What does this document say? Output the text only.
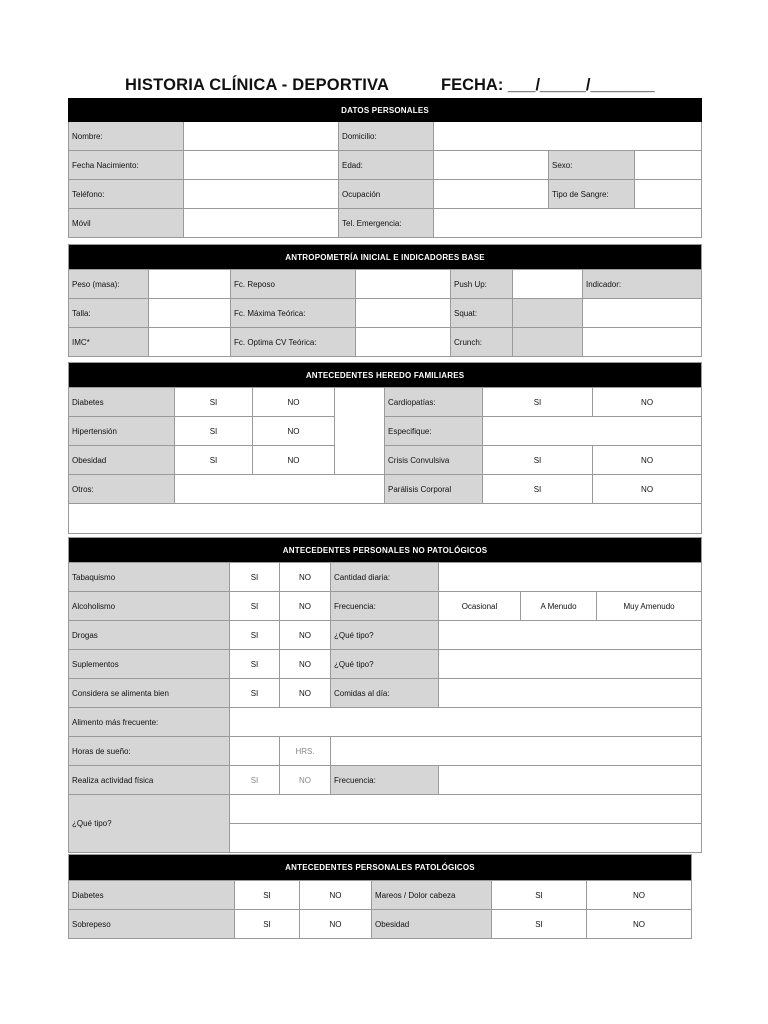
HISTORIA CLÍNICA - DEPORTIVA	FECHA: ___/_____/_______
DATOS PERSONALES					
Nombre:		Domicilio:			
Fecha Nacimiento:		Edad:		Sexo:	
Teléfono:		Ocupación		Tipo de Sangre:	
Móvil		Tel. Emergencia:			
ANTROPOMETRÍA INICIAL E INDICADORES BASE						
Peso (masa):		Fc. Reposo		Push Up:		Indicador:
Talla:		Fc. Máxima Teórica:		Squat:		
IMC*		Fc. Optima CV Teórica:		Crunch:		
ANTECEDENTES HEREDO FAMILIARES						
Diabetes	SI	NO		Cardiopatías:	SI	NO
Hipertensión	SI	NO		Especifique:		
Obesidad	SI	NO		Crisis Convulsiva	SI	NO
Otros:				Parálisis Corporal	SI	NO

ANTECEDENTES PERSONALES NO PATOLÓGICOS						
Tabaquismo	SI	NO	Cantidad diaria:			
Alcoholismo	SI	NO	Frecuencia:	Ocasional	A Menudo	Muy Amenudo
Drogas	SI	NO	¿Qué tipo?			
Suplementos	SI	NO	¿Qué tipo?			
Considera se alimenta bien	SI	NO	Comidas al día:			
Alimento más frecuente:						
Horas de sueño:		HRS.				
Realiza actividad física	SI	NO	Frecuencia:			
¿Qué tipo?						

ANTECEDENTES PERSONALES PATOLÓGICOS					
Diabetes	SI	NO	Mareos / Dolor cabeza	SI	NO
Sobrepeso	SI	NO	Obesidad	SI	NO
